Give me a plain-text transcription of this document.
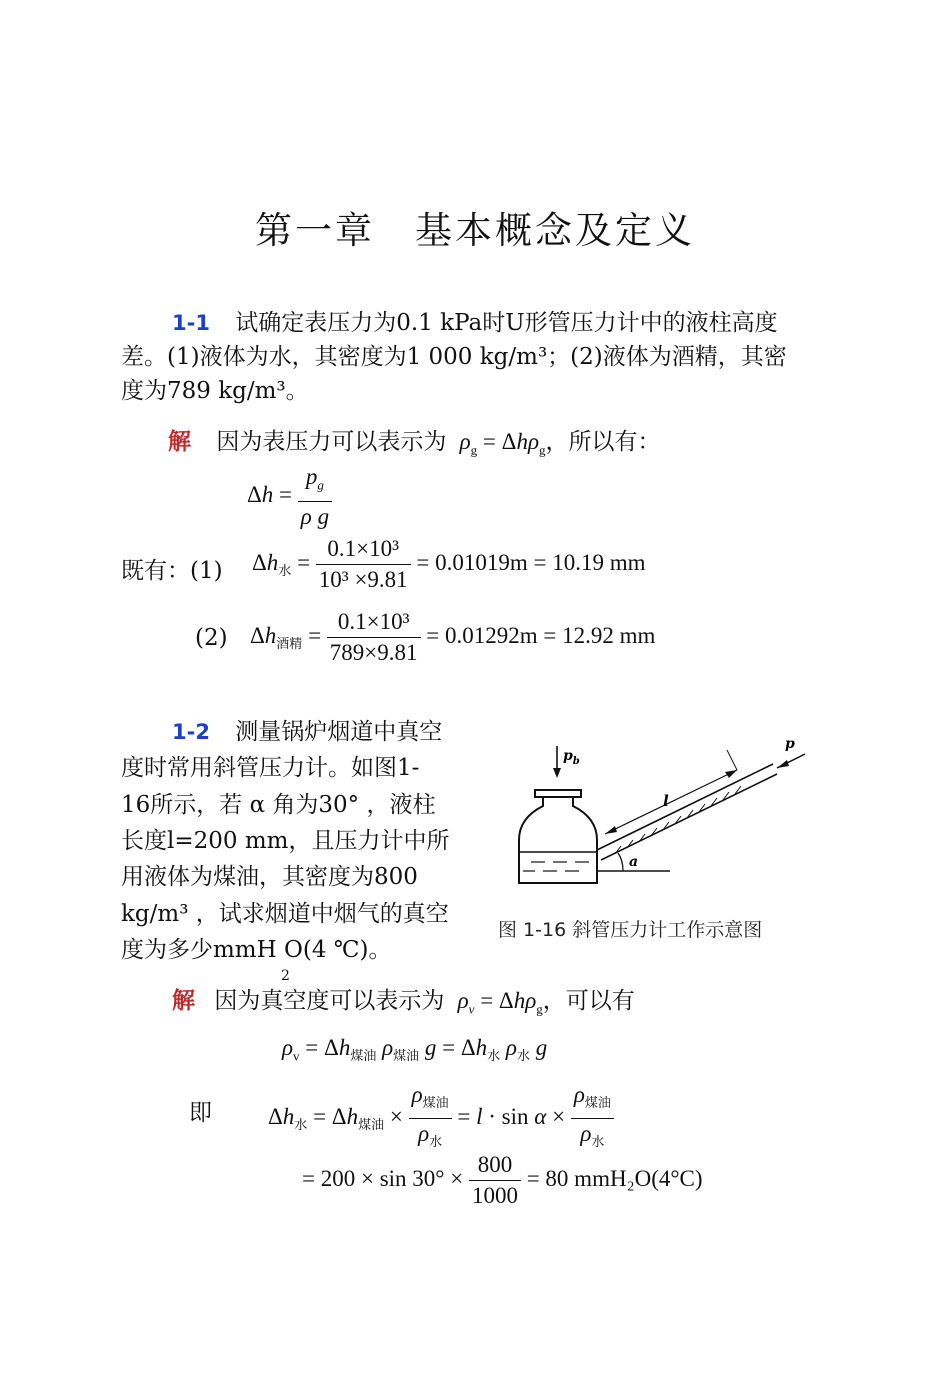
第一章　基本概念及定义
1-1 试确定表压力为0.1 kPa时U形管压力计中的液柱高度
差。(1)液体为水，其密度为1 000 kg/m³；(2)液体为酒精，其密
度为789 kg/m³。
解 因为表压力可以表示为 $\rho_g = \Delta h\rho_g$，所以有：
$\Delta h = \frac{p_g}{\text{ρ g}}$
既有：(1) $\Delta h_水 = \frac{\text{0.1×10³}}{\text{10³ ×9.81}} = 0.01019m = 10.19$ mm
(2) $\Delta h_{酒精} = \frac{\text{0.1×10³}}{789\times 9.81} = 0.01292m = 12.92$ mm
1-2 测量锅炉烟道中真空
度时常用斜管压力计。如图1-
16所示，若 α 角为30° ，液柱
长度l=200 mm，且压力计中所
用液体为煤油，其密度为800
kg/m³ ，试求烟道中烟气的真空
度为多少mmH O(4 ℃)。
2
$p_b$
l
p
a
图 1-16 斜管压力计工作示意图
解 因为真空度可以表示为 $\rho_v = \Delta h\rho_g$，可以有
$\rho_v = \Delta h_{煤油}$ $\rho_{煤油}$ $g = \Delta h_水$ $\rho_水$ g
即 $\Delta h_水 = \Delta h_{煤油} \times \frac{\rho_{煤油}}{\rho_水} = l \cdot \sin \alpha \times \frac{\rho_{煤油}}{\rho_水}$
= $200 \times \sin 30^\circ \times \frac{800}{1000} = 80$ mmH₂O(4°C)
